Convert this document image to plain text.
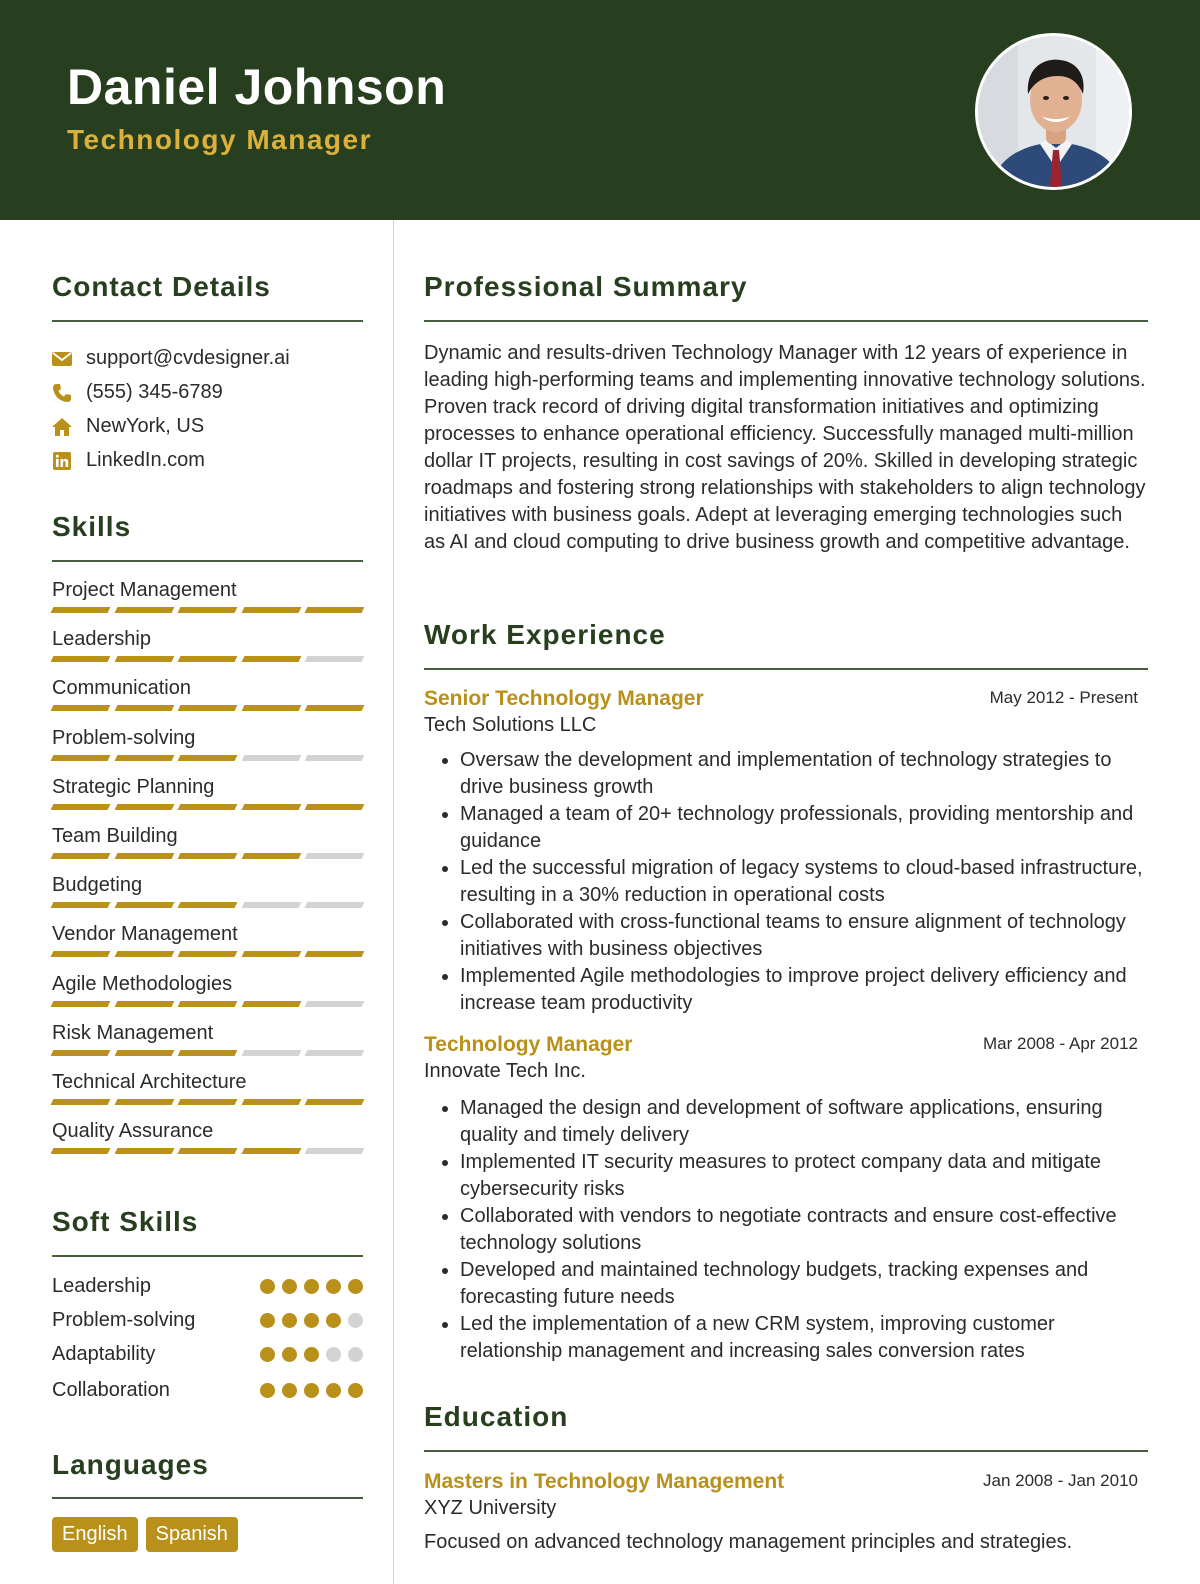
Daniel Johnson
Technology Manager
Contact Details
support@cvdesigner.ai
(555) 345-6789
NewYork, US
LinkedIn.com
Skills
Project Management
Leadership
Communication
Problem-solving
Strategic Planning
Team Building
Budgeting
Vendor Management
Agile Methodologies
Risk Management
Technical Architecture
Quality Assurance
Soft Skills
Leadership
Problem-solving
Adaptability
Collaboration
Languages
English	Spanish
Professional Summary
Dynamic and results-driven Technology Manager with 12 years of experience in leading high-performing teams and implementing innovative technology solutions. Proven track record of driving digital transformation initiatives and optimizing processes to enhance operational efficiency. Successfully managed multi-million dollar IT projects, resulting in cost savings of 20%. Skilled in developing strategic roadmaps and fostering strong relationships with stakeholders to align technology initiatives with business goals. Adept at leveraging emerging technologies such as AI and cloud computing to drive business growth and competitive advantage.
Work Experience
Senior Technology Manager	May 2012 - Present
Tech Solutions LLC
• Oversaw the development and implementation of technology strategies to drive business growth
• Managed a team of 20+ technology professionals, providing mentorship and guidance
• Led the successful migration of legacy systems to cloud-based infrastructure, resulting in a 30% reduction in operational costs
• Collaborated with cross-functional teams to ensure alignment of technology initiatives with business objectives
• Implemented Agile methodologies to improve project delivery efficiency and increase team productivity
Technology Manager	Mar 2008 - Apr 2012
Innovate Tech Inc.
• Managed the design and development of software applications, ensuring quality and timely delivery
• Implemented IT security measures to protect company data and mitigate cybersecurity risks
• Collaborated with vendors to negotiate contracts and ensure cost-effective technology solutions
• Developed and maintained technology budgets, tracking expenses and forecasting future needs
• Led the implementation of a new CRM system, improving customer relationship management and increasing sales conversion rates
Education
Masters in Technology Management	Jan 2008 - Jan 2010
XYZ University
Focused on advanced technology management principles and strategies.
